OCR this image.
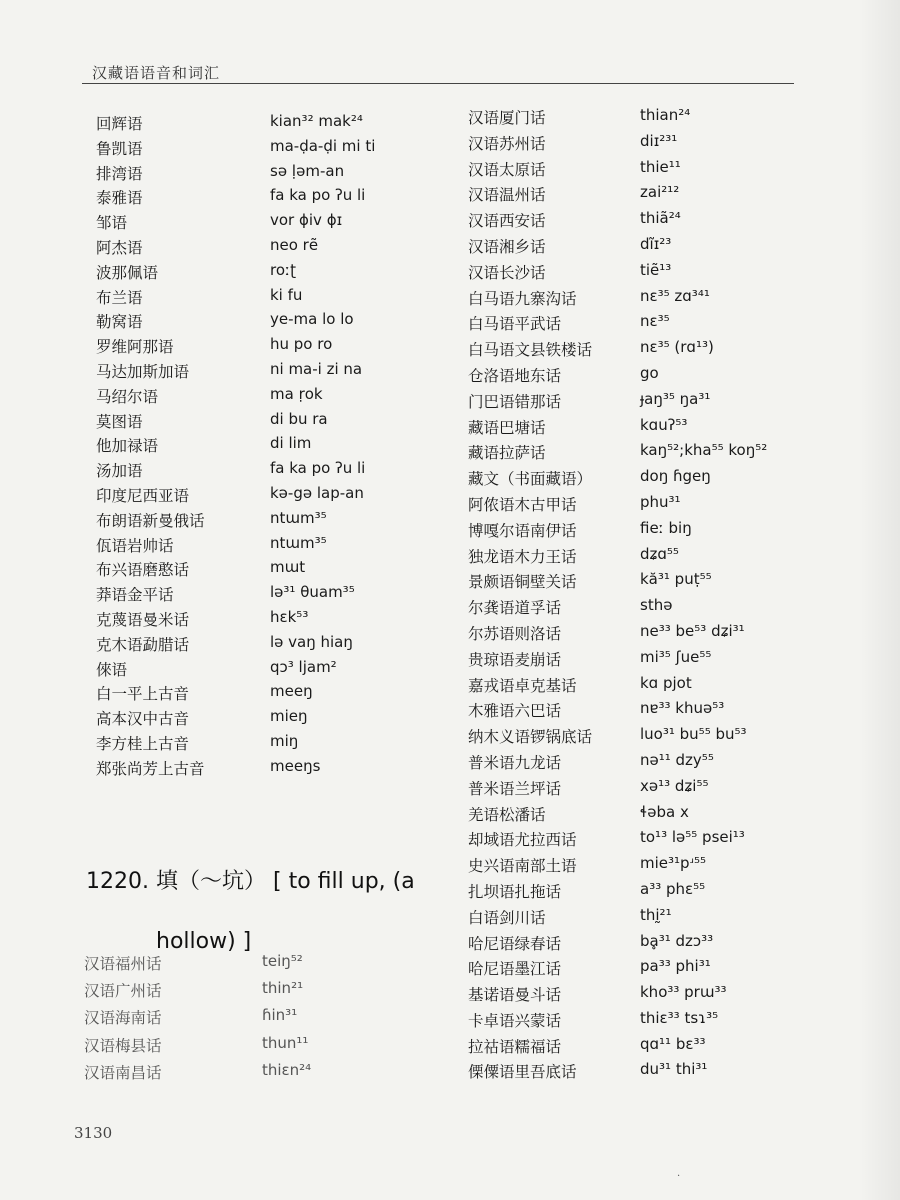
汉藏语语音和词汇
回辉语	kian³² mak²⁴
鲁凯语	ma-ḍa-ḍi mi ti
排湾语	sə ḷəm-an
泰雅语	fa ka po ʔu li
邹语	vor ɸiv ɸɪ
阿杰语	neo rẽ
波那佩语	roːʈ
布兰语	ki fu
勒窝语	ye-ma lo lo
罗维阿那语	hu po ro
马达加斯加语	ni ma-i zi na
马绍尔语	ma ṛok
莫图语	di bu ra
他加禄语	di lim
汤加语	fa ka po ʔu li
印度尼西亚语	kə-gə lap-an
布朗语新曼俄话	ntɯm³⁵
佤语岩帅话	ntɯm³⁵
布兴语磨憨话	mɯt
莽语金平话	lə³¹ θuam³⁵
克蔑语曼米话	hɛk⁵³
克木语勐腊话	lə vaŋ hiaŋ
倈语	qɔ³ ljam²
白一平上古音	meeŋ
高本汉中古音	mieŋ
李方桂上古音	miŋ
郑张尚芳上古音	meeŋs
1220. 填（～坑） [ to fill up, (a
hollow) ]
汉语福州话	teiŋ⁵²
汉语广州话	thin²¹
汉语海南话	ɦin³¹
汉语梅县话	thun¹¹
汉语南昌话	thiɛn²⁴
汉语厦门话	thian²⁴
汉语苏州话	diɪ²³¹
汉语太原话	thie¹¹
汉语温州话	zai²¹²
汉语西安话	thiã²⁴
汉语湘乡话	dĩɪ²³
汉语长沙话	tiẽ¹³
白马语九寨沟话	nɛ³⁵ zɑ³⁴¹
白马语平武话	nɛ³⁵
白马语文县铁楼话	nɛ³⁵ (rɑ¹³)
仓洛语地东话	go
门巴语错那话	ɟaŋ³⁵ ŋa³¹
藏语巴塘话	kɑuʔ⁵³
藏语拉萨话	kaŋ⁵²;kha⁵⁵ koŋ⁵²
藏文（书面藏语）	doŋ ɦgeŋ
阿侬语木古甲话	phu³¹
博嘎尔语南伊话	fieː biŋ
独龙语木力王话	dʑɑ⁵⁵
景颇语铜壁关话	kă³¹ puṭ⁵⁵
尔龚语道孚话	sthə
尔苏语则洛话	ne³³ be⁵³ dʑi³¹
贵琼语麦崩话	mi³⁵ ʃue⁵⁵
嘉戎语卓克基话	kɑ pjot
木雅语六巴话	nɐ³³ khuə⁵³
纳木义语锣锅底话	luo³¹ bu⁵⁵ bu⁵³
普米语九龙话	nə¹¹ dzy⁵⁵
普米语兰坪话	xə¹³ dʑi⁵⁵
羌语松潘话	ɬəba x
却域语尤拉西话	to¹³ lə⁵⁵ psei¹³
史兴语南部土语	mie³¹pʴ⁵⁵
扎坝语扎拖话	a³³ phɛ⁵⁵
白语剑川话	thḭ²¹
哈尼语绿春话	bḁ³¹ dzɔ³³
哈尼语墨江话	pa³³ phi³¹
基诺语曼斗话	kho³³ prɯ³³
卡卓语兴蒙话	thiɛ³³ tsɿ³⁵
拉祜语糯福话	qɑ¹¹ bɛ³³
傈僳语里吾底话	du³¹ thi³¹
3130
.
